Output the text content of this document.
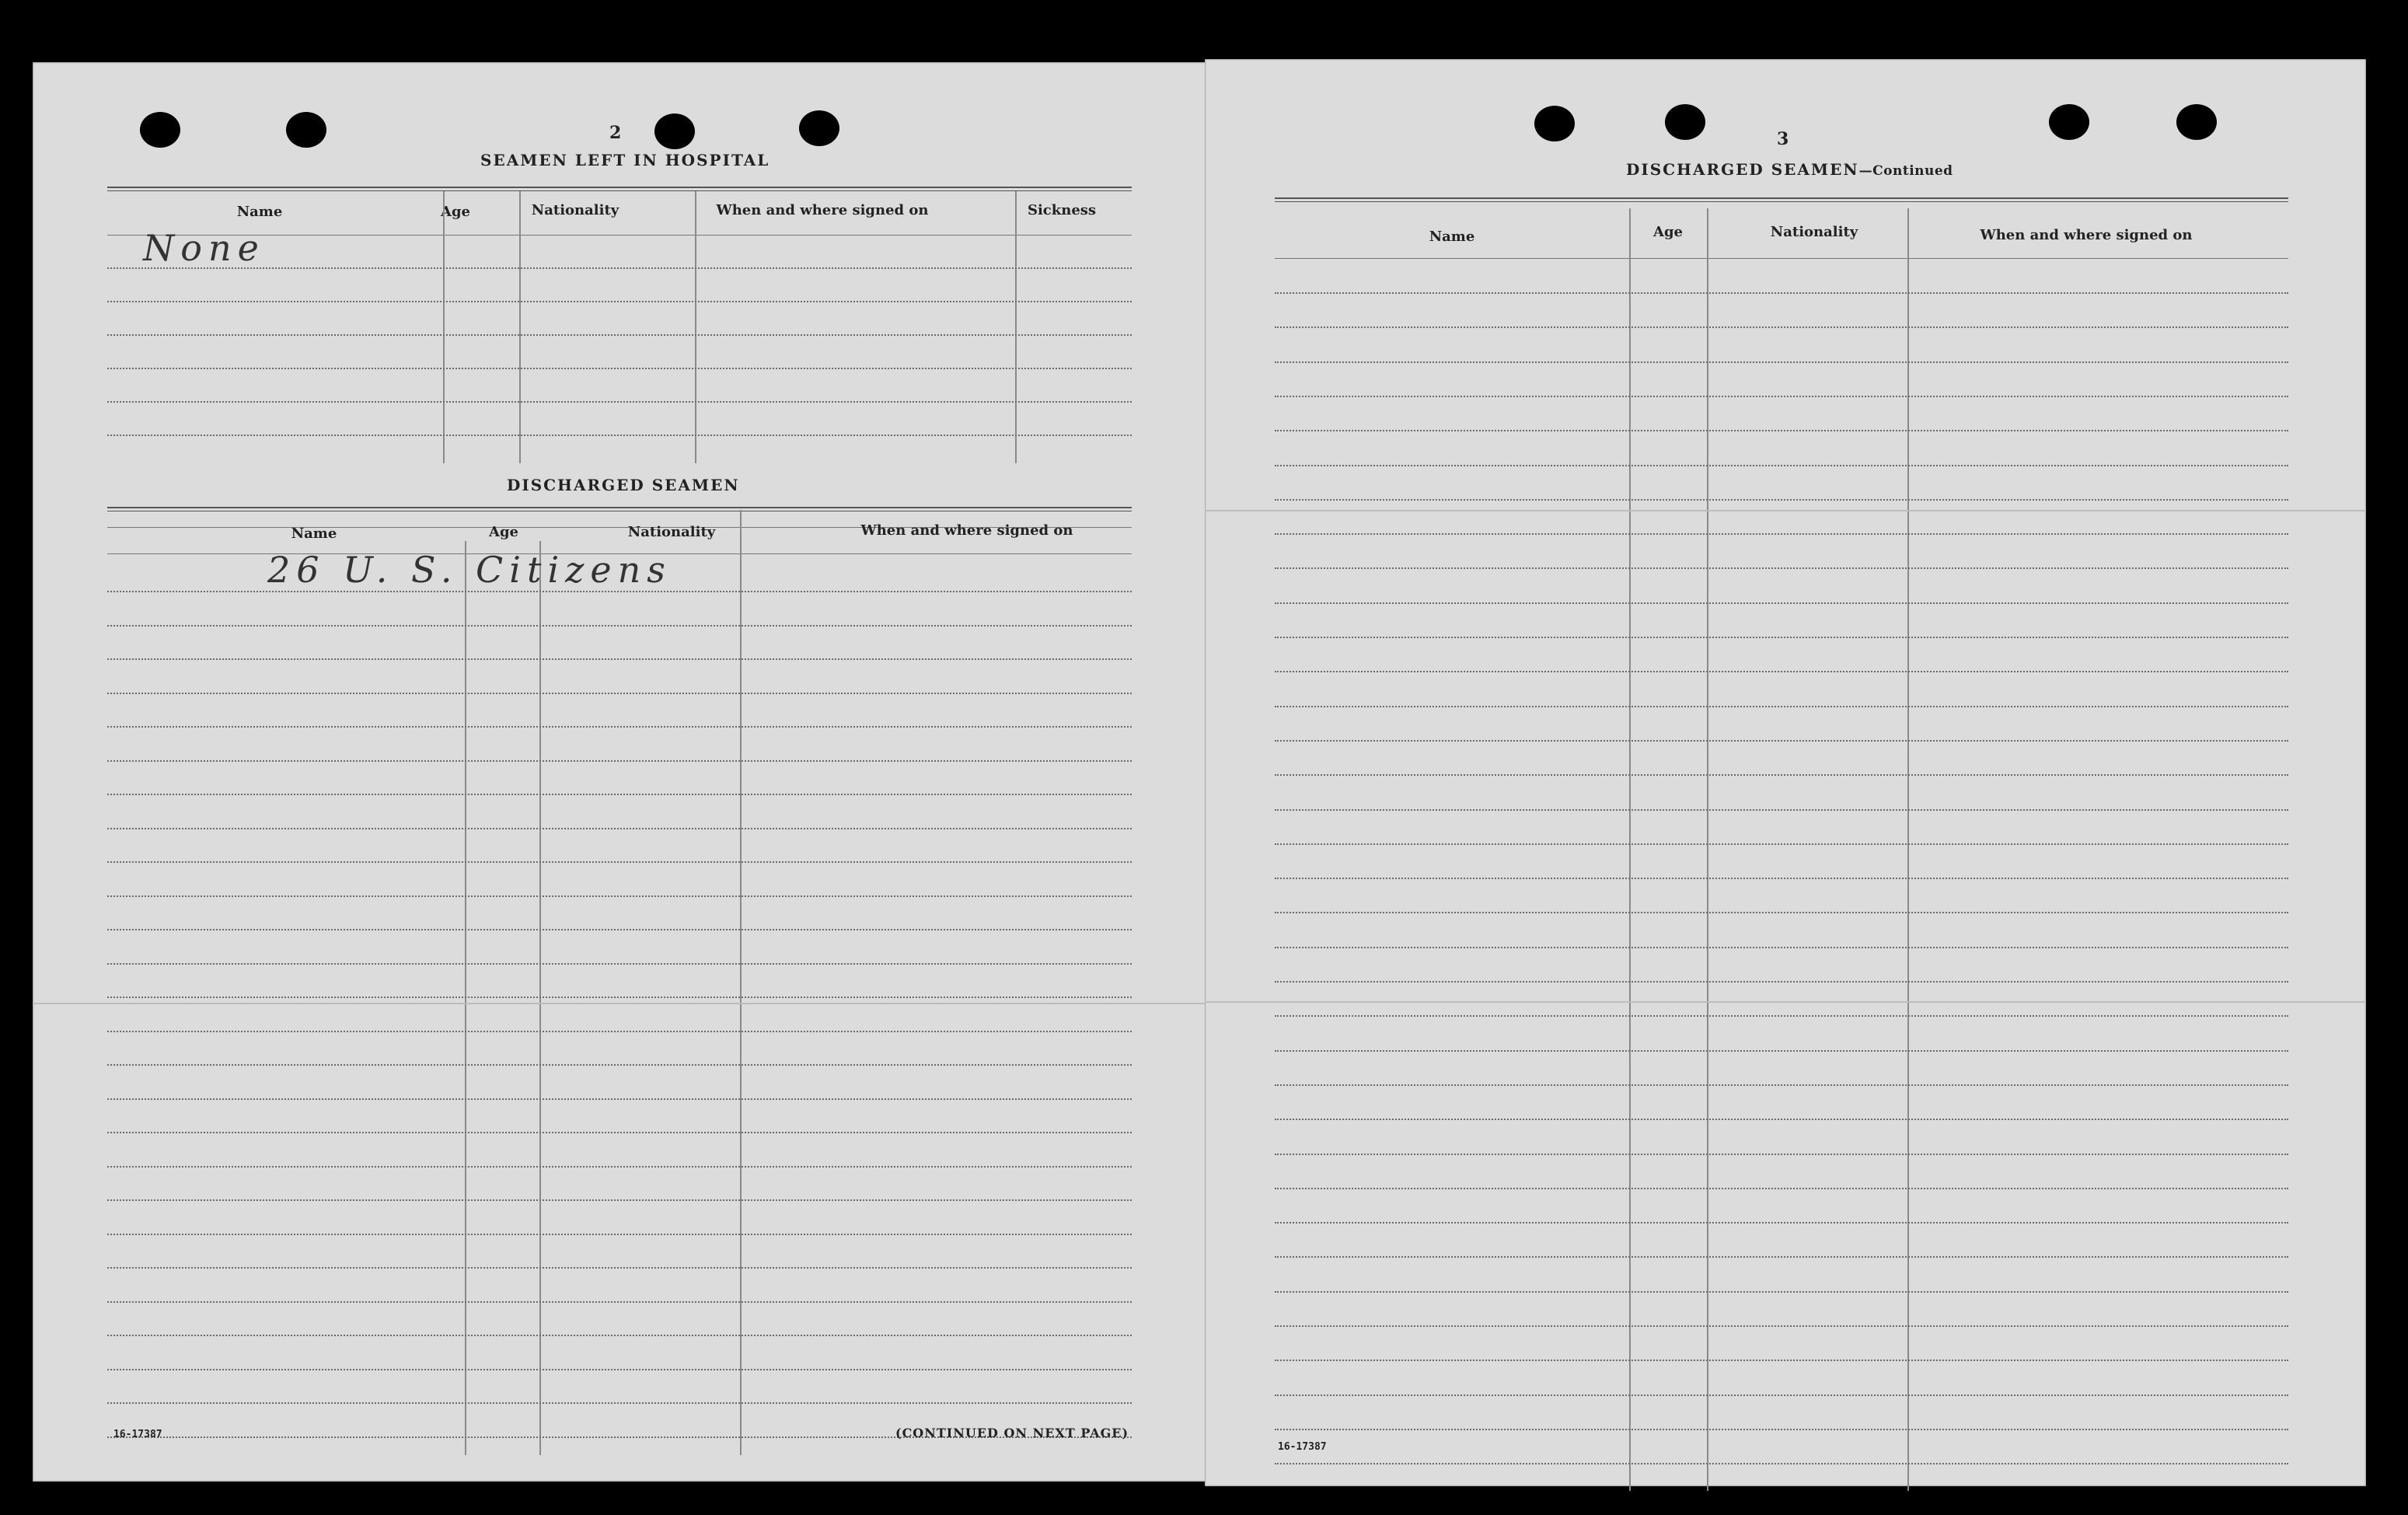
2
SEAMEN LEFT IN HOSPITAL
Name	Age	Nationality	When and where signed on	Sickness
None
DISCHARGED SEAMEN
Name	Age	Nationality	When and where signed on
26 U. S. Citizens
16-17387	(CONTINUED ON NEXT PAGE)
3
DISCHARGED SEAMEN—Continued
Name	Age	Nationality	When and where signed on
16-17387
